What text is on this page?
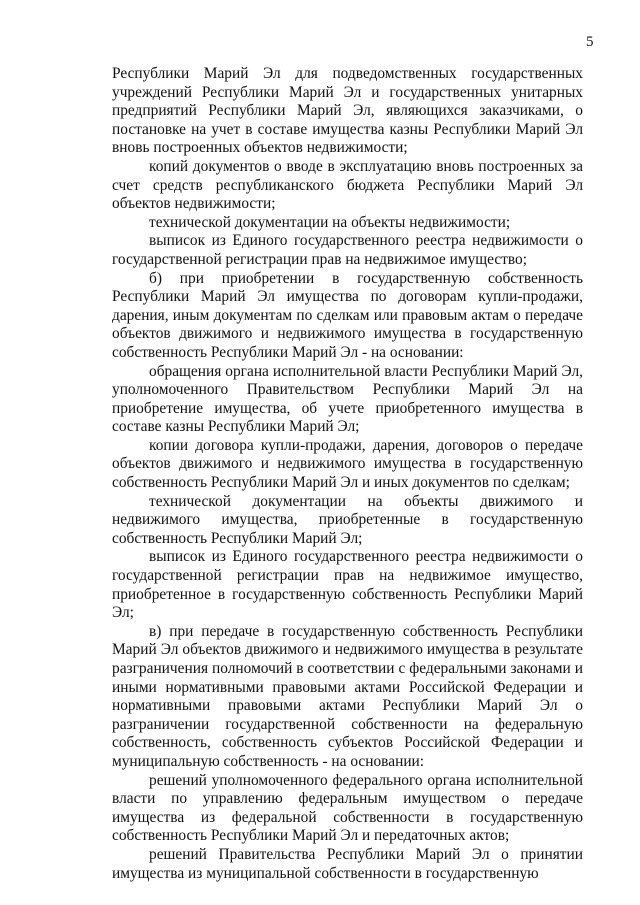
5

Республики Марий Эл для подведомственных государственных учреждений Республики Марий Эл и государственных унитарных предприятий Республики Марий Эл, являющихся заказчиками, о постановке на учет в составе имущества казны Республики Марий Эл вновь построенных объектов недвижимости;

копий документов о вводе в эксплуатацию вновь построенных за счет средств республиканского бюджета Республики Марий Эл объектов недвижимости;

технической документации на объекты недвижимости;

выписок из Единого государственного реестра недвижимости о государственной регистрации прав на недвижимое имущество;

б) при приобретении в государственную собственность Республики Марий Эл имущества по договорам купли-продажи, дарения, иным документам по сделкам или правовым актам о передаче объектов движимого и недвижимого имущества в государственную собственность Республики Марий Эл - на основании:

обращения органа исполнительной власти Республики Марий Эл, уполномоченного Правительством Республики Марий Эл на приобретение имущества, об учете приобретенного имущества в составе казны Республики Марий Эл;

копии договора купли-продажи, дарения, договоров о передаче объектов движимого и недвижимого имущества в государственную собственность Республики Марий Эл и иных документов по сделкам;

технической документации на объекты движимого и недвижимого имущества, приобретенные в государственную собственность Республики Марий Эл;

выписок из Единого государственного реестра недвижимости о государственной регистрации прав на недвижимое имущество, приобретенное в государственную собственность Республики Марий Эл;

в) при передаче в государственную собственность Республики Марий Эл объектов движимого и недвижимого имущества в результате разграничения полномочий в соответствии с федеральными законами и иными нормативными правовыми актами Российской Федерации и нормативными правовыми актами Республики Марий Эл о разграничении государственной собственности на федеральную собственность, собственность субъектов Российской Федерации и муниципальную собственность - на основании:

решений уполномоченного федерального органа исполнительной власти по управлению федеральным имуществом о передаче имущества из федеральной собственности в государственную собственность Республики Марий Эл и передаточных актов;

решений Правительства Республики Марий Эл о принятии имущества из муниципальной собственности в государственную
